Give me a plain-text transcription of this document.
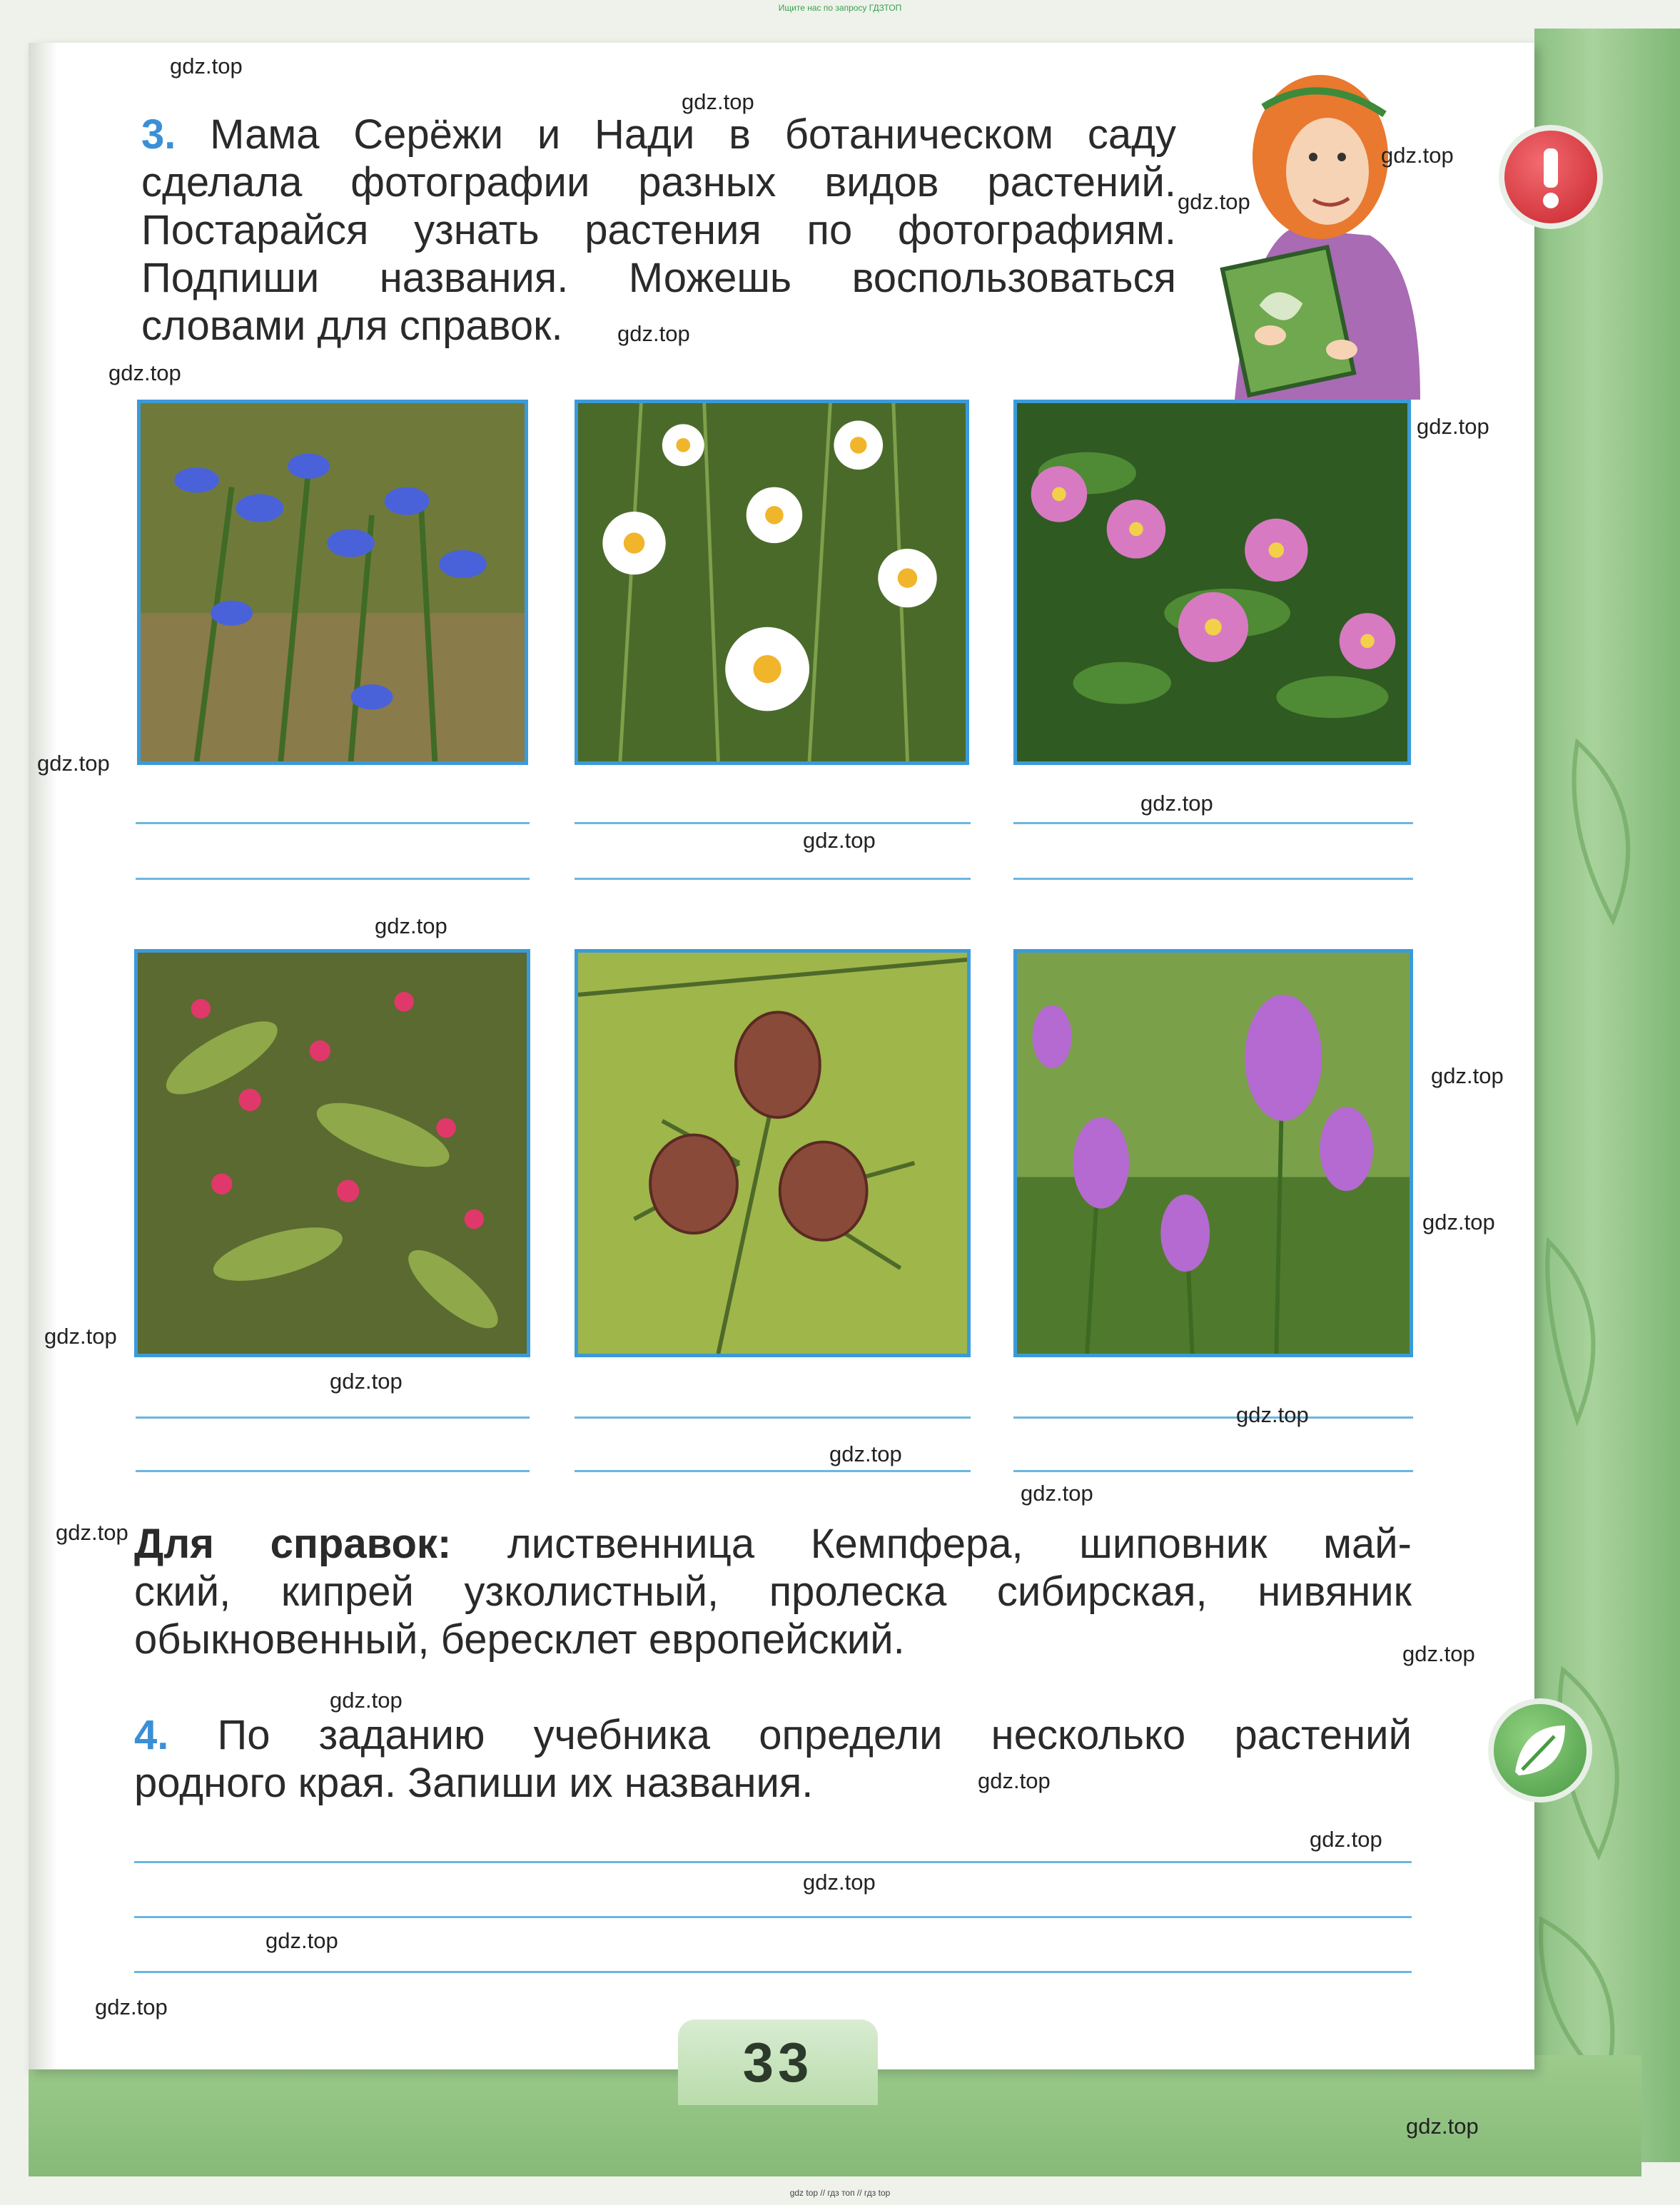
Ищите нас по запросу ГДЗТОП
3. Мама Серёжи и Нади в ботаническом саду
сделала фотографии разных видов растений.
Постарайся узнать растения по фотографиям.
Подпиши названия. Можешь воспользоваться
словами для справок.
Для справок: лиственница Кемпфера, шиповник май-
ский, кипрей узколистный, пролеска сибирская, нивяник
обыкновенный, бересклет европейский.
4. По заданию учебника определи несколько растений
родного края. Запиши их названия.
33
gdz.top
gdz.top
gdz.top
gdz.top
gdz.top
gdz.top
gdz.top
gdz.top
gdz.top
gdz.top
gdz.top
gdz.top
gdz.top
gdz.top
gdz.top
gdz.top
gdz.top
gdz.top
gdz.top
gdz.top
gdz.top
gdz.top
gdz.top
gdz.top
gdz.top
gdz.top
gdz.top
gdz top // гдз топ // гдз top
